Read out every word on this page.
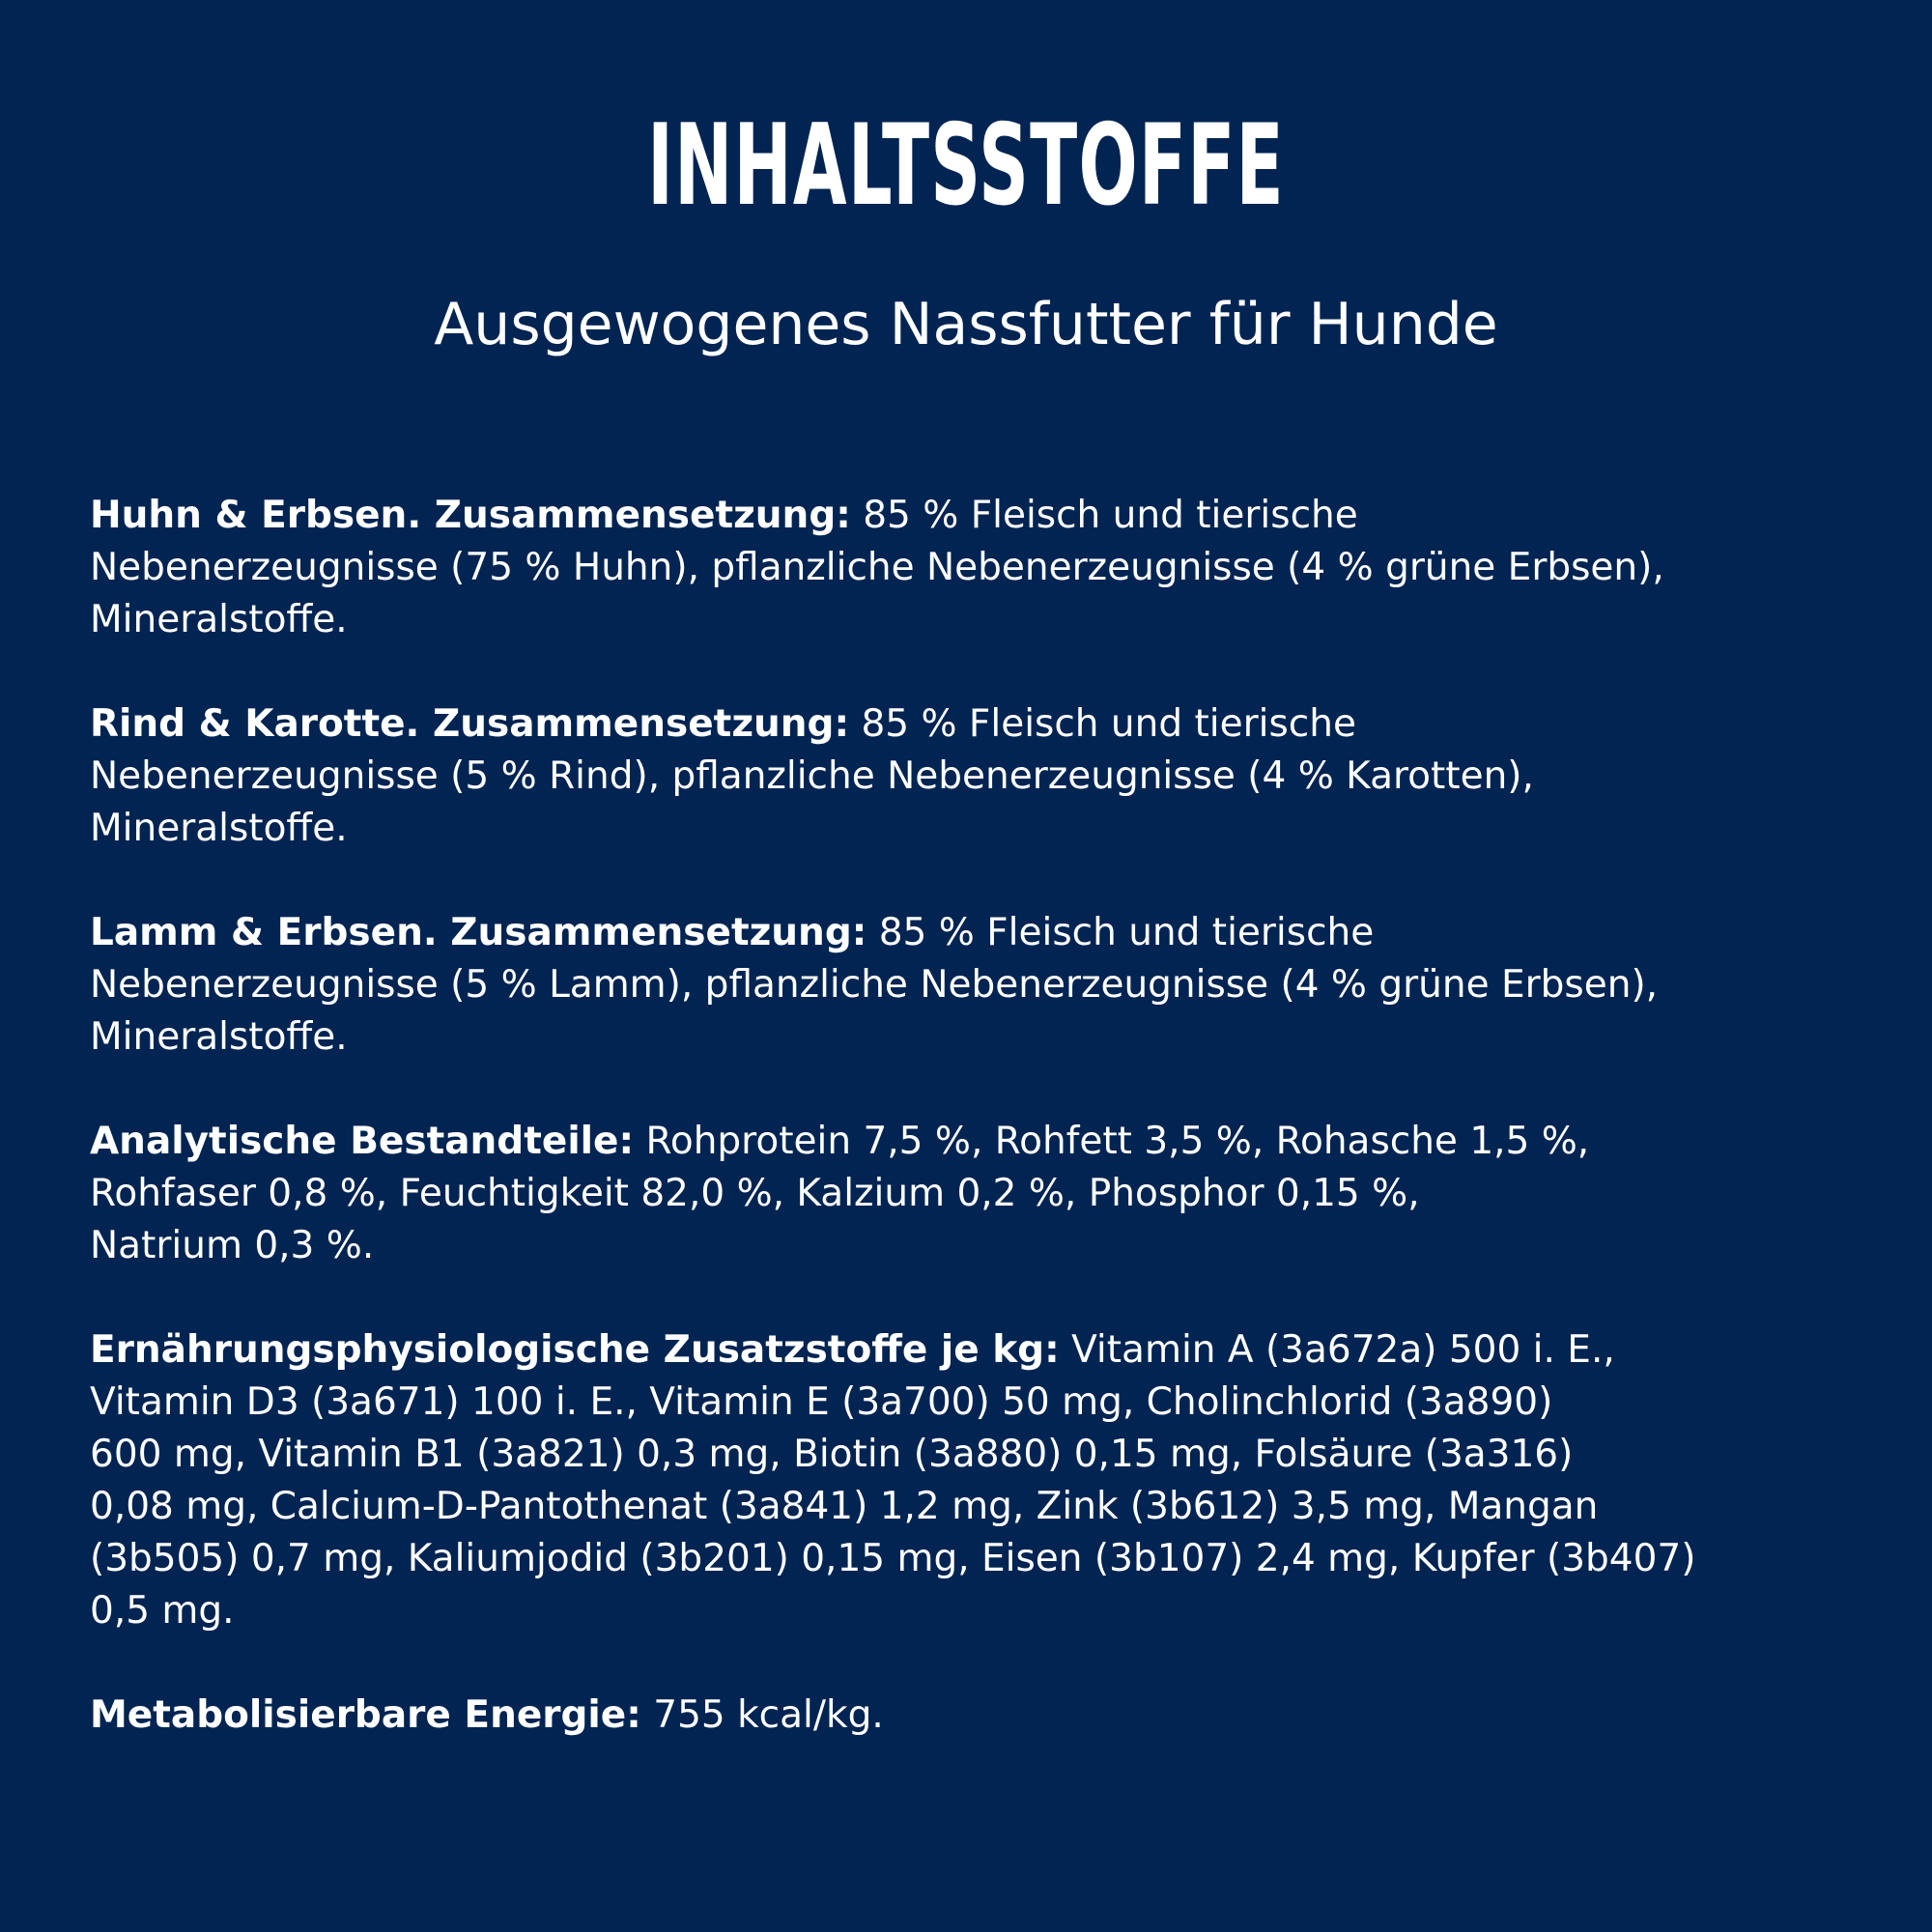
INHALTSSTOFFE
Ausgewogenes Nassfutter für Hunde
Huhn & Erbsen. Zusammensetzung: 85 % Fleisch und tierische
Nebenerzeugnisse (75 % Huhn), pflanzliche Nebenerzeugnisse (4 % grüne Erbsen),
Mineralstoffe.
Rind & Karotte. Zusammensetzung: 85 % Fleisch und tierische
Nebenerzeugnisse (5 % Rind), pflanzliche Nebenerzeugnisse (4 % Karotten),
Mineralstoffe.
Lamm & Erbsen. Zusammensetzung: 85 % Fleisch und tierische
Nebenerzeugnisse (5 % Lamm), pflanzliche Nebenerzeugnisse (4 % grüne Erbsen),
Mineralstoffe.
Analytische Bestandteile: Rohprotein 7,5 %, Rohfett 3,5 %, Rohasche 1,5 %,
Rohfaser 0,8 %, Feuchtigkeit 82,0 %, Kalzium 0,2 %, Phosphor 0,15 %,
Natrium 0,3 %.
Ernährungsphysiologische Zusatzstoffe je kg: Vitamin A (3a672a) 500 i. E.,
Vitamin D3 (3a671) 100 i. E., Vitamin E (3a700) 50 mg, Cholinchlorid (3a890)
600 mg, Vitamin B1 (3a821) 0,3 mg, Biotin (3a880) 0,15 mg, Folsäure (3a316)
0,08 mg, Calcium-D-Pantothenat (3a841) 1,2 mg, Zink (3b612) 3,5 mg, Mangan
(3b505) 0,7 mg, Kaliumjodid (3b201) 0,15 mg, Eisen (3b107) 2,4 mg, Kupfer (3b407)
0,5 mg.
Metabolisierbare Energie: 755 kcal/kg.
